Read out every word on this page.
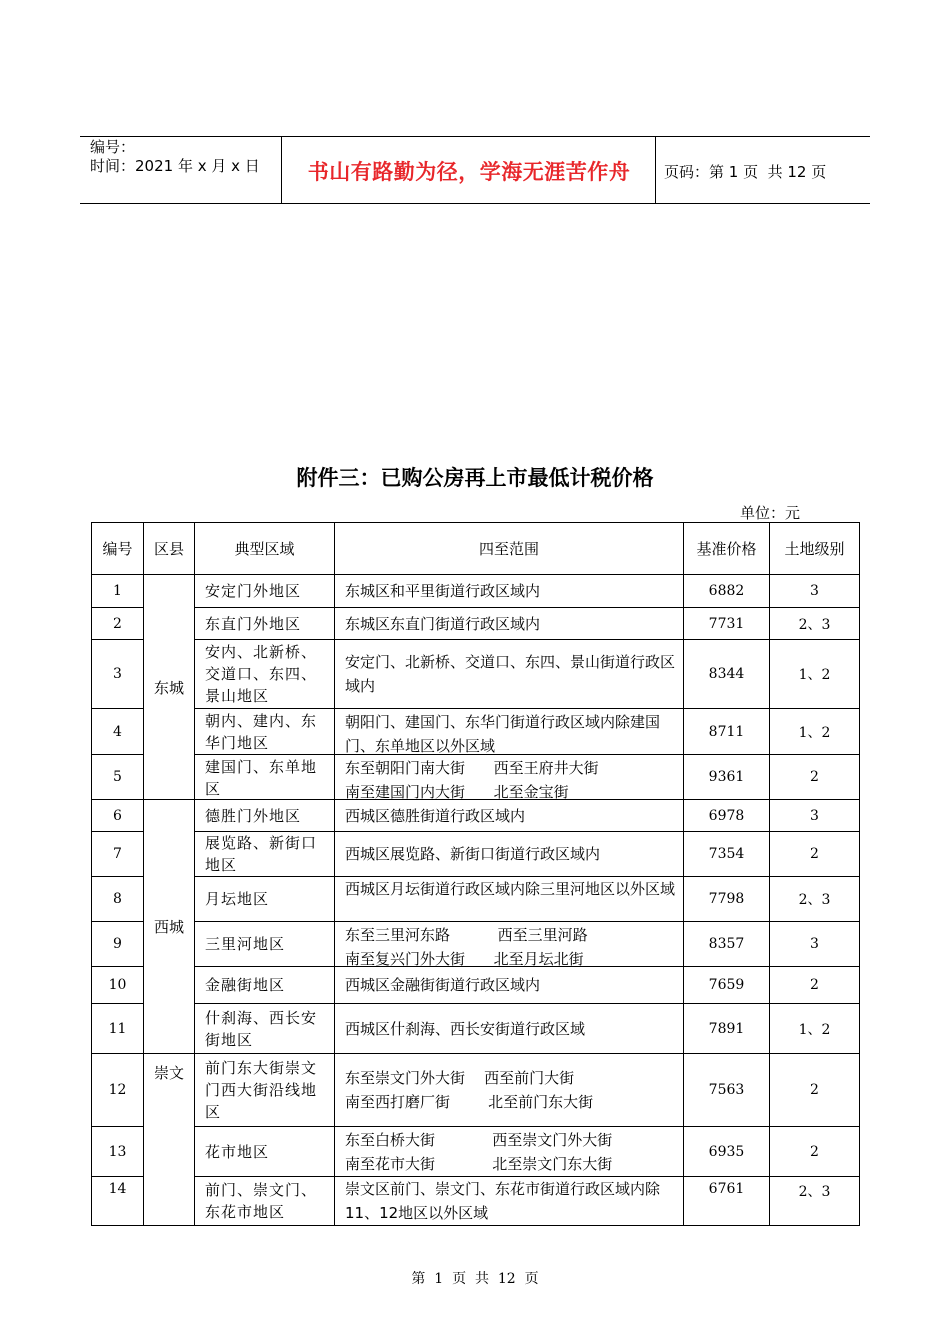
编号：
时间：2021 年 x 月 x 日	书山有路勤为径，学海无涯苦作舟	页码：第 1 页  共 12 页
附件三：已购公房再上市最低计税价格
单位：元
编号	区县	典型区域	四至范围	基准价格	土地级别
1	东城	安定门外地区	东城区和平里街道行政区域内	6882	3
2		东直门外地区	东城区东直门街道行政区域内	7731	2、3
3		安内、北新桥、交道口、东四、景山地区	安定门、北新桥、交道口、东四、景山街道行政区域内	8344	1、2
4		朝内、建内、东华门地区	朝阳门、建国门、东华门街道行政区域内除建国门、东单地区以外区域	8711	1、2
5		建国门、东单地区	东至朝阳门南大街      西至王府井大街
南至建国门内大街      北至金宝街	9361	2
6	西城	德胜门外地区	西城区德胜街道行政区域内	6978	3
7		展览路、新街口地区	西城区展览路、新街口街道行政区域内	7354	2
8		月坛地区	西城区月坛街道行政区域内除三里河地区以外区域	7798	2、3
9		三里河地区	东至三里河东路          西至三里河路
南至复兴门外大街      北至月坛北街	8357	3
10		金融街地区	西城区金融街街道行政区域内	7659	2
11		什刹海、西长安街地区	西城区什刹海、西长安街道行政区域	7891	1、2
12	崇文	前门东大街崇文门西大街沿线地区	东至崇文门外大街    西至前门大街
南至西打磨厂街        北至前门东大街	7563	2
13		花市地区	东至白桥大街            西至崇文门外大街
南至花市大街            北至崇文门东大街	6935	2
14		前门、崇文门、东花市地区	崇文区前门、崇文门、东花市街道行政区域内除11、12地区以外区域	6761	2、3
第  1  页  共  12  页
